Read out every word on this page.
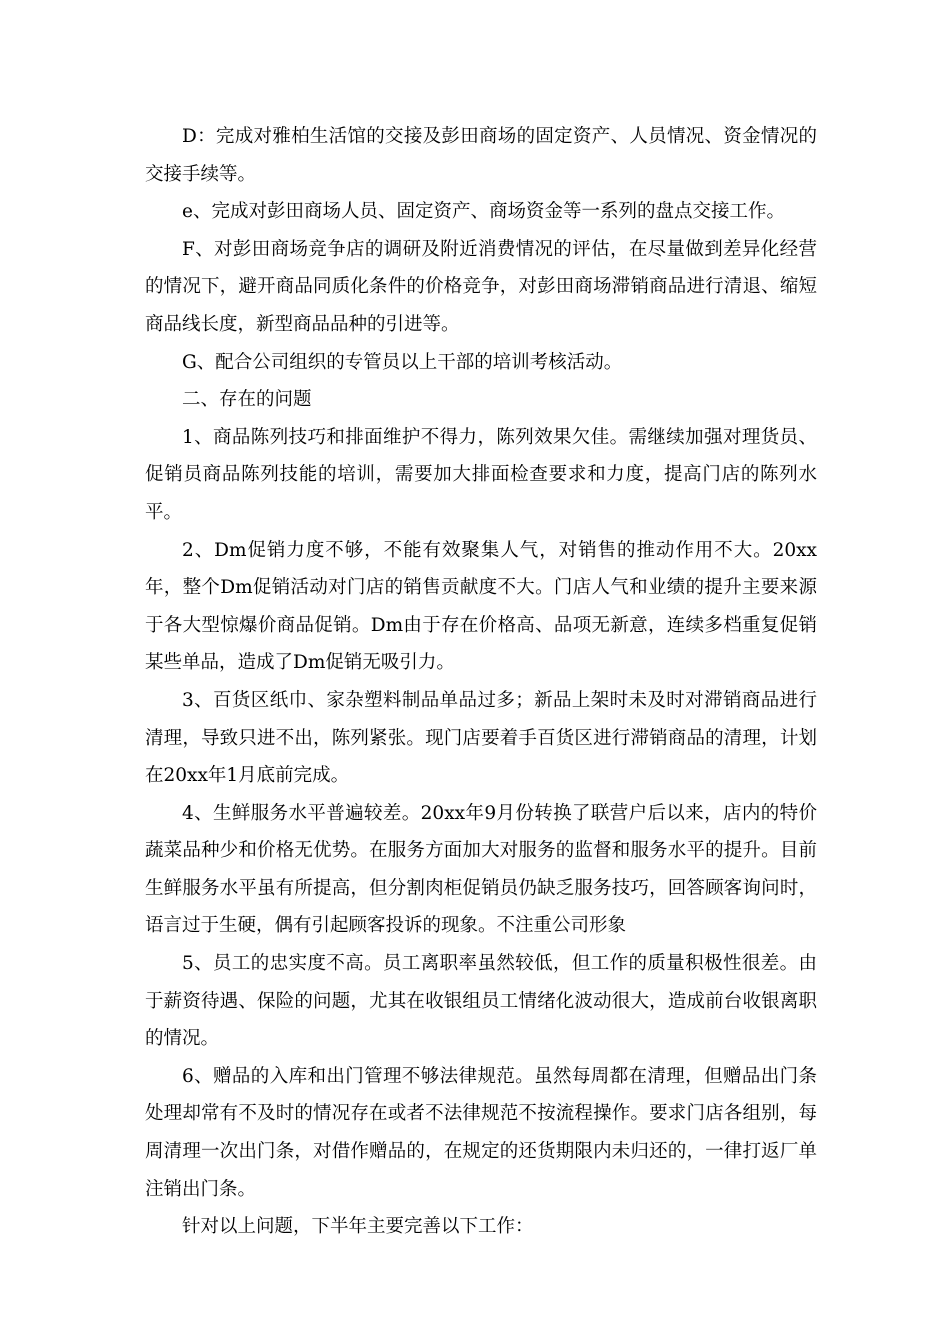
D：完成对雅柏生活馆的交接及彭田商场的固定资产、人员情况、资金情况的交接手续等。

e、完成对彭田商场人员、固定资产、商场资金等一系列的盘点交接工作。

F、对彭田商场竞争店的调研及附近消费情况的评估，在尽量做到差异化经营的情况下，避开商品同质化条件的价格竞争，对彭田商场滞销商品进行清退、缩短商品线长度，新型商品品种的引进等。

G、配合公司组织的专管员以上干部的培训考核活动。

二、存在的问题

1、商品陈列技巧和排面维护不得力，陈列效果欠佳。需继续加强对理货员、促销员商品陈列技能的培训，需要加大排面检查要求和力度，提高门店的陈列水平。

2、Dm促销力度不够，不能有效聚集人气，对销售的推动作用不大。20xx年，整个Dm促销活动对门店的销售贡献度不大。门店人气和业绩的提升主要来源于各大型惊爆价商品促销。Dm由于存在价格高、品项无新意，连续多档重复促销某些单品，造成了Dm促销无吸引力。

3、百货区纸巾、家杂塑料制品单品过多；新品上架时未及时对滞销商品进行清理，导致只进不出，陈列紧张。现门店要着手百货区进行滞销商品的清理，计划在20xx年1月底前完成。

4、生鲜服务水平普遍较差。20xx年9月份转换了联营户后以来，店内的特价蔬菜品种少和价格无优势。在服务方面加大对服务的监督和服务水平的提升。目前生鲜服务水平虽有所提高，但分割肉柜促销员仍缺乏服务技巧，回答顾客询问时，语言过于生硬，偶有引起顾客投诉的现象。不注重公司形象

5、员工的忠实度不高。员工离职率虽然较低，但工作的质量积极性很差。由于薪资待遇、保险的问题，尤其在收银组员工情绪化波动很大，造成前台收银离职的情况。

6、赠品的入库和出门管理不够法律规范。虽然每周都在清理，但赠品出门条处理却常有不及时的情况存在或者不法律规范不按流程操作。要求门店各组别，每周清理一次出门条，对借作赠品的，在规定的还货期限内未归还的，一律打返厂单注销出门条。

针对以上问题，下半年主要完善以下工作：
